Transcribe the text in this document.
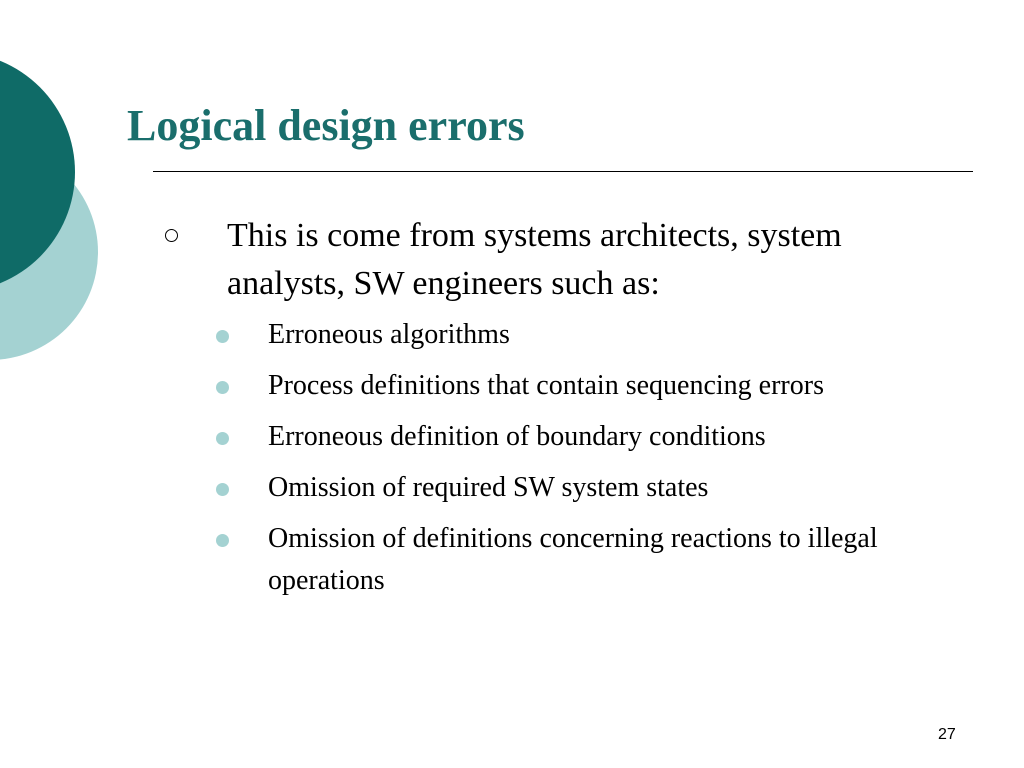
Logical design errors
This is come from systems architects, system analysts, SW engineers such as:
Erroneous algorithms
Process definitions that contain sequencing errors
Erroneous definition of boundary conditions
Omission of required SW system states
Omission of definitions concerning reactions to illegal operations
27
